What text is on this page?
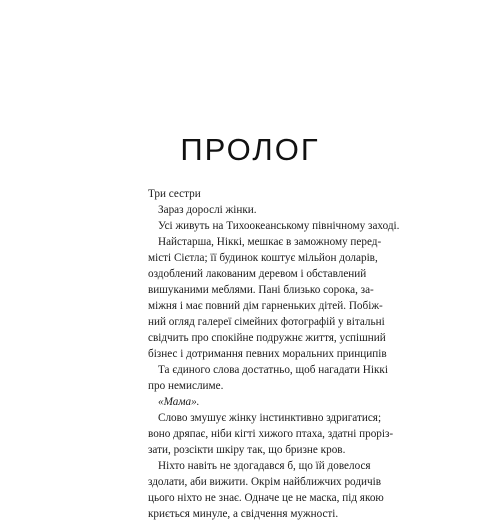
ПРОЛОГ
Три сестри
Зараз дорослі жінки.
Усі живуть на Тихоокеанському північному заході.
Найстарша, Ніккі, мешкає в заможному перед-
місті Сієтла; її будинок коштує мільйон доларів,
оздоблений лакованим деревом і обставлений
вишуканими меблями. Пані близько сорока, за-
міжня і має повний дім гарненьких дітей. Побіж-
ний огляд галереї сімейних фотографій у вітальні
свідчить про спокійне подружнє життя, успішний
бізнес і дотримання певних моральних принципів
Та єдиного слова достатньо, щоб нагадати Ніккі
про немислиме.
«Мама».
Слово змушує жінку інстинктивно здригатися;
воно дряпає, ніби кігті хижого птаха, здатні проріз-
зати, розсікти шкіру так, що бризне кров.
Ніхто навіть не здогадався б, що їй довелося
здолати, аби вижити. Окрім найближчих родичів
цього ніхто не знає. Одначе це не маска, під якою
криється минуле, а свідчення мужності.
